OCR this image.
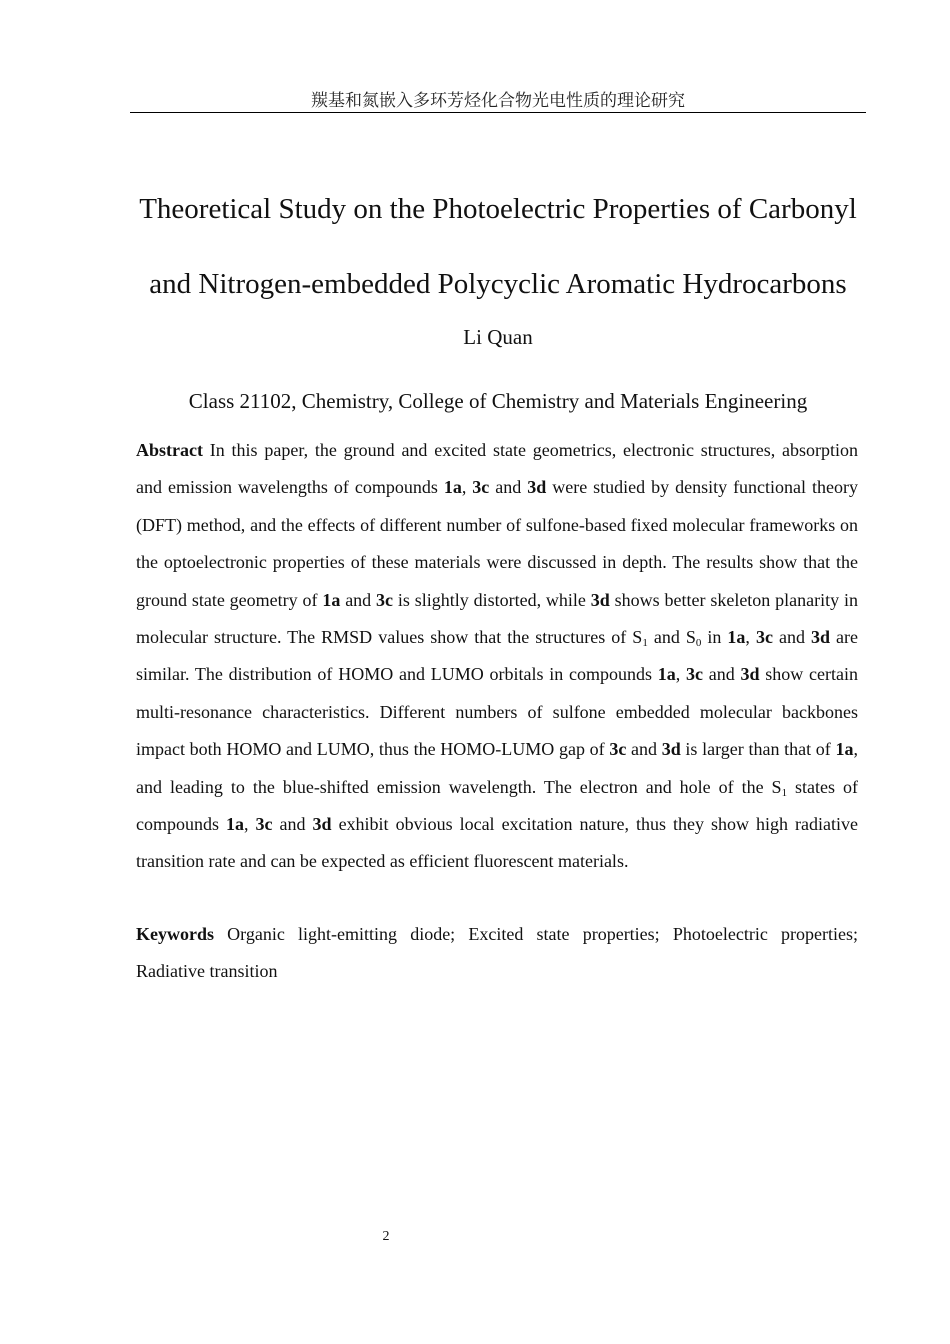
羰基和氮嵌入多环芳烃化合物光电性质的理论研究
Theoretical Study on the Photoelectric Properties of Carbonyl
and Nitrogen-embedded Polycyclic Aromatic Hydrocarbons
Li Quan
Class 21102, Chemistry, College of Chemistry and Materials Engineering

Abstract In this paper, the ground and excited state geometrics, electronic structures, absorption and emission wavelengths of compounds 1a, 3c and 3d were studied by density functional theory (DFT) method, and the effects of different number of sulfone-based fixed molecular frameworks on the optoelectronic properties of these materials were discussed in depth. The results show that the ground state geometry of 1a and 3c is slightly distorted, while 3d shows better skeleton planarity in molecular structure. The RMSD values show that the structures of $S_1$ and $S_0$ in 1a, 3c and 3d are similar. The distribution of HOMO and LUMO orbitals in compounds 1a, 3c and 3d show certain multi-resonance characteristics. Different numbers of sulfone embedded molecular backbones impact both HOMO and LUMO, thus the HOMO-LUMO gap of 3c and 3d is larger than that of 1a, and leading to the blue-shifted emission wavelength. The electron and hole of the $S_1$ states of compounds 1a, 3c and 3d exhibit obvious local excitation nature, thus they show high radiative transition rate and can be expected as efficient fluorescent materials.

Keywords Organic light-emitting diode; Excited state properties; Photoelectric properties; Radiative transition

2
